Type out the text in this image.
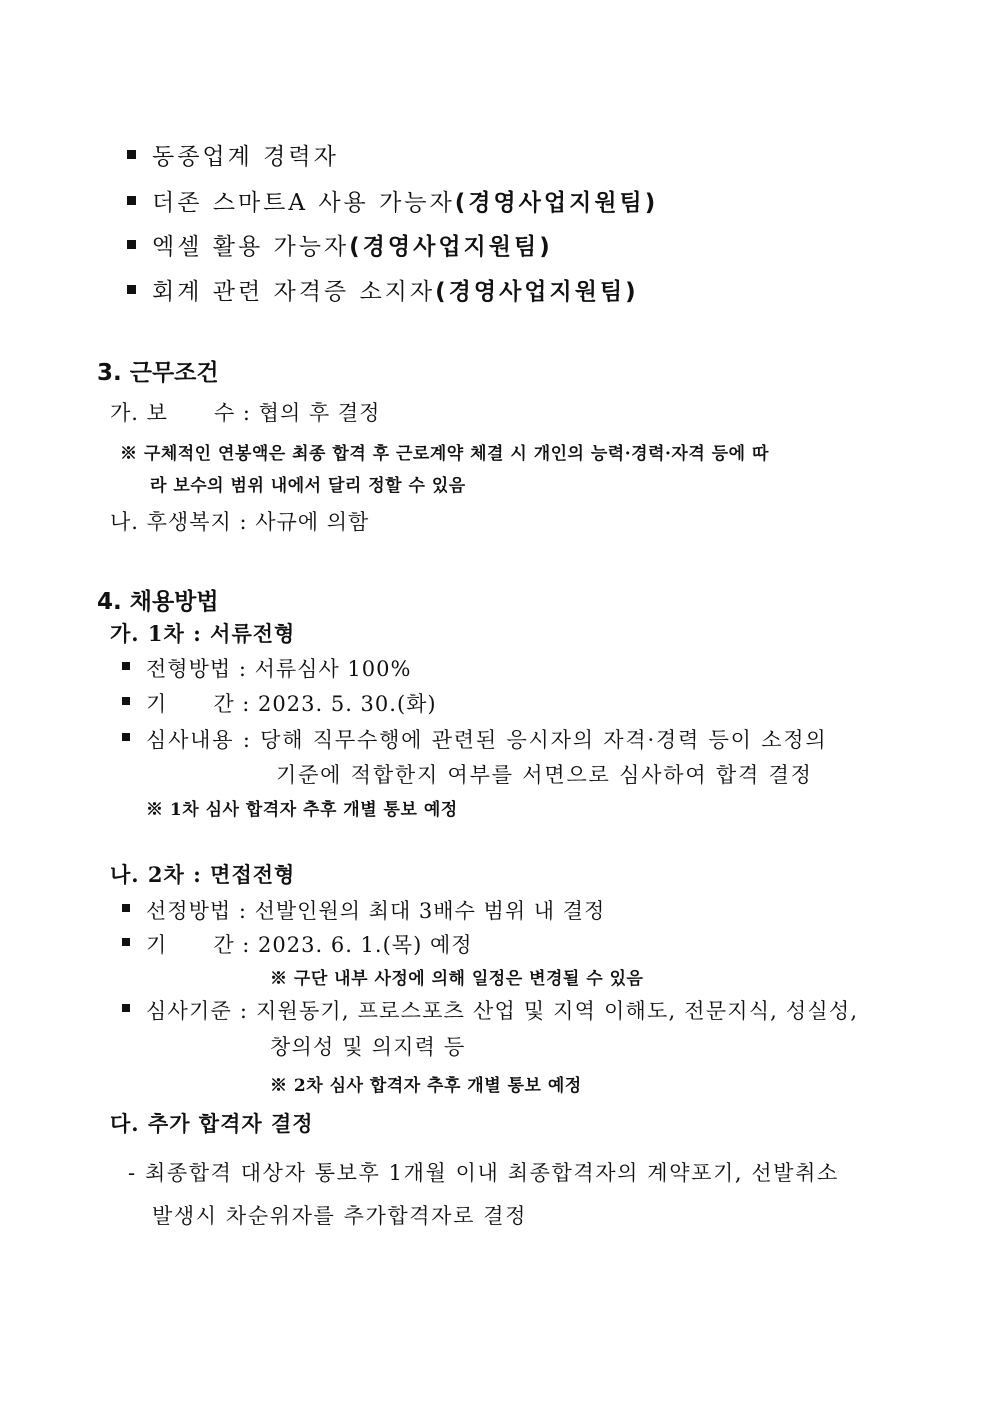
동종업계 경력자
더존 스마트A 사용 가능자(경영사업지원팀)
엑셀 활용 가능자(경영사업지원팀)
회계 관련 자격증 소지자(경영사업지원팀)
3. 근무조건
가. 보      수 : 협의 후 결정
※ 구체적인 연봉액은 최종 합격 후 근로계약 체결 시 개인의 능력·경력·자격 등에 따
라 보수의 범위 내에서 달리 정할 수 있음
나. 후생복지 : 사규에 의함
4. 채용방법
가. 1차 : 서류전형
전형방법 : 서류심사 100%
기      간 : 2023. 5. 30.(화)
심사내용 : 당해 직무수행에 관련된 응시자의 자격·경력 등이 소정의
기준에 적합한지 여부를 서면으로 심사하여 합격 결정
※ 1차 심사 합격자 추후 개별 통보 예정
나. 2차 : 면접전형
선정방법 : 선발인원의 최대 3배수 범위 내 결정
기      간 : 2023. 6. 1.(목) 예정
※ 구단 내부 사정에 의해 일정은 변경될 수 있음
심사기준 : 지원동기, 프로스포츠 산업 및 지역 이해도, 전문지식, 성실성,
창의성 및 의지력 등
※ 2차 심사 합격자 추후 개별 통보 예정
다. 추가 합격자 결정
- 최종합격 대상자 통보후 1개월 이내 최종합격자의 계약포기, 선발취소
발생시 차순위자를 추가합격자로 결정
